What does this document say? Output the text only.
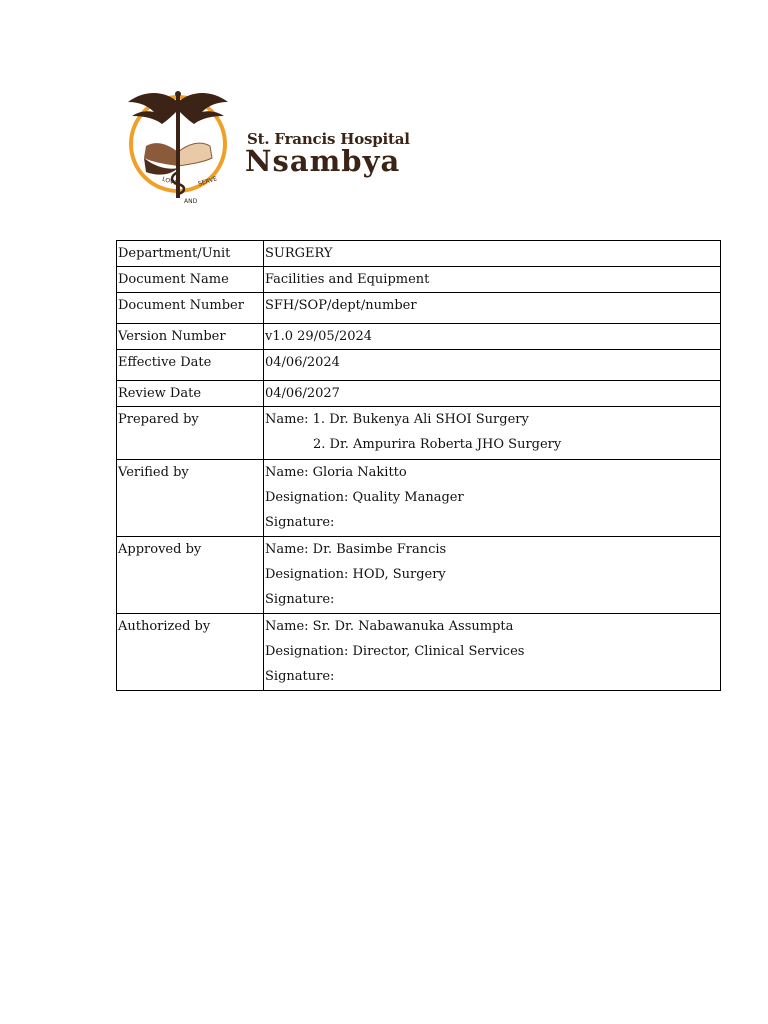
LOVE
AND
SERVE
St. Francis Hospital
Nsambya
Department/Unit	SURGERY

Document Name	Facilities and Equipment

Document Number	SFH/SOP/dept/number

Version Number	v1.0 29/05/2024

Effective Date	04/06/2024

Review Date	04/06/2027

Prepared by	Name: 1. Dr. Bukenya Ali SHOI Surgery
2. Dr. Ampurira Roberta JHO Surgery

Verified by	Name: Gloria Nakitto
Designation: Quality Manager
Signature:

Approved by	Name: Dr. Basimbe Francis
Designation: HOD, Surgery
Signature:

Authorized by	Name: Sr. Dr. Nabawanuka Assumpta
Designation: Director, Clinical Services
Signature:
